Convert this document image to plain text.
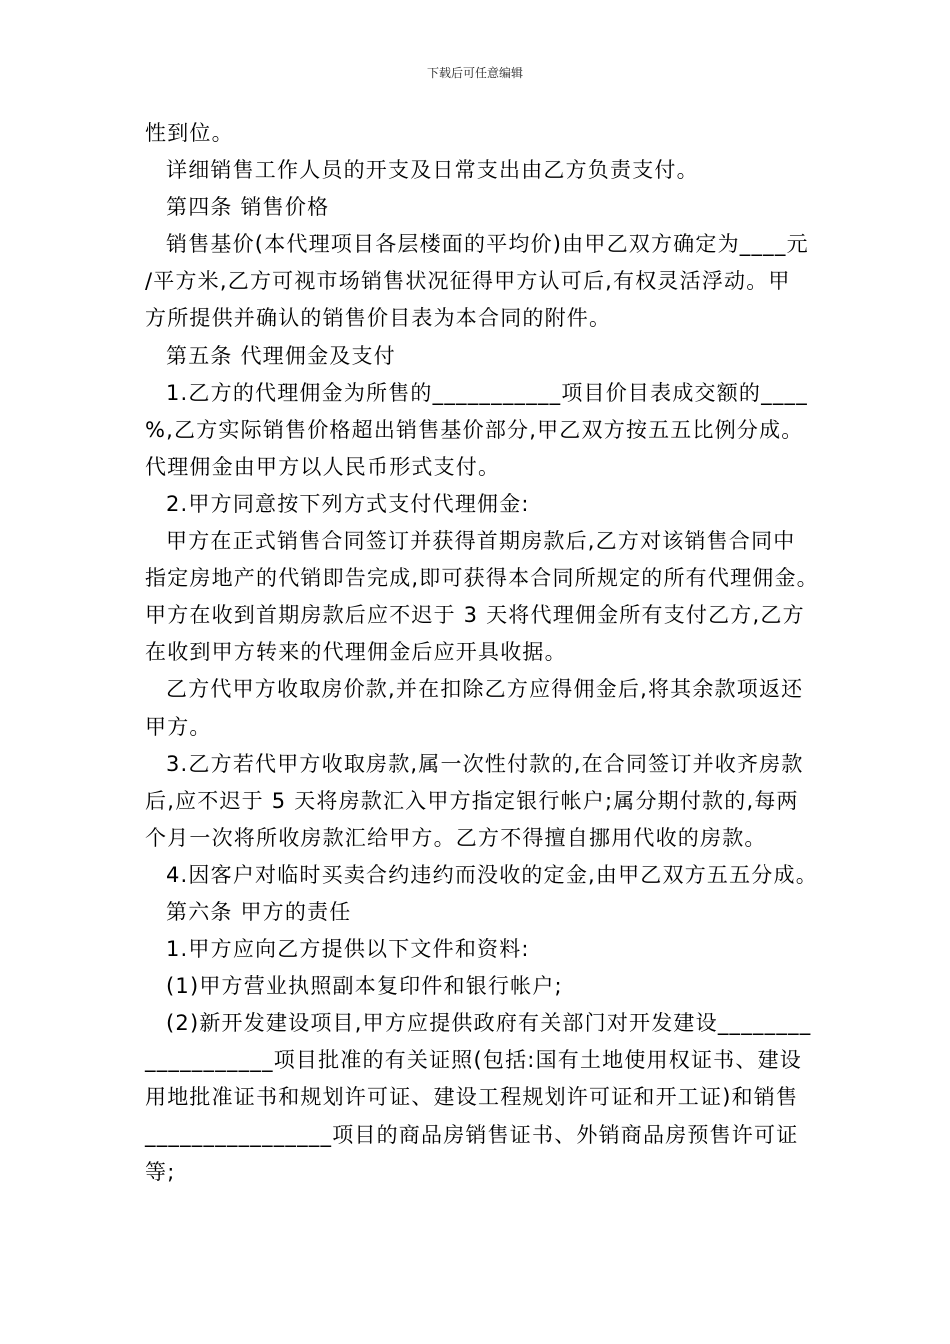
下载后可任意编辑
性到位。
详细销售工作人员的开支及日常支出由乙方负责支付。
第四条 销售价格
销售基价(本代理项目各层楼面的平均价)由甲乙双方确定为____元
/平方米,乙方可视市场销售状况征得甲方认可后,有权灵活浮动。甲
方所提供并确认的销售价目表为本合同的附件。
第五条 代理佣金及支付
1.乙方的代理佣金为所售的___________项目价目表成交额的____
%,乙方实际销售价格超出销售基价部分,甲乙双方按五五比例分成。
代理佣金由甲方以人民币形式支付。
2.甲方同意按下列方式支付代理佣金:
甲方在正式销售合同签订并获得首期房款后,乙方对该销售合同中
指定房地产的代销即告完成,即可获得本合同所规定的所有代理佣金。
甲方在收到首期房款后应不迟于 3 天将代理佣金所有支付乙方,乙方
在收到甲方转来的代理佣金后应开具收据。
乙方代甲方收取房价款,并在扣除乙方应得佣金后,将其余款项返还
甲方。
3.乙方若代甲方收取房款,属一次性付款的,在合同签订并收齐房款
后,应不迟于 5 天将房款汇入甲方指定银行帐户;属分期付款的,每两
个月一次将所收房款汇给甲方。乙方不得擅自挪用代收的房款。
4.因客户对临时买卖合约违约而没收的定金,由甲乙双方五五分成。
第六条 甲方的责任
1.甲方应向乙方提供以下文件和资料:
(1)甲方营业执照副本复印件和银行帐户;
(2)新开发建设项目,甲方应提供政府有关部门对开发建设________
___________项目批准的有关证照(包括:国有土地使用权证书、建设
用地批准证书和规划许可证、建设工程规划许可证和开工证)和销售
________________项目的商品房销售证书、外销商品房预售许可证
等;
